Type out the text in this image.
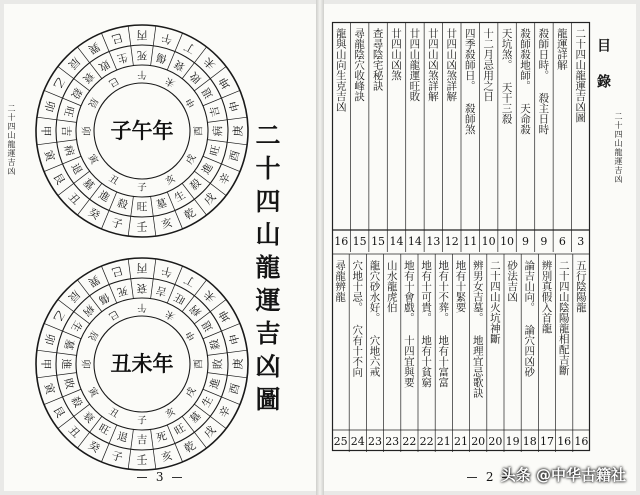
二十四山龍運吉凶
壬
子
癸
丑
艮
寅
甲
卯
乙
辰
巽
巳 丙 午
丁
未
坤
申
庚
酉
辛
戌
乾
亥
旺
殺
進
墓
退
病
吉
旺
殺
衰
敗 生 死 傷 衰
敗
退
吉
病
旺
進
殺
生
墓
子
丑
寅
卯
辰
巳
午
未
申
酉
戌
亥
子午年
壬
子
癸
丑
艮
寅
甲
卯
乙
辰
巽
巳 丙 午
丁
未
坤
申
庚
酉
辛
戌
乾
亥
吉
退
旺
衰
殺
敗
進
墓
生
病
傷 死 衰 吉 旺
病
退
殺
敗
進
生
墓
旺
死
子
丑
寅
卯
辰
巳
午
未
申
酉
戌
亥
丑未年	二十四山龍運吉凶圖
3
二十四山龍運吉凶
目錄
二十四山龍運吉凶圖
3
龍運詳解
6
殺師日時。 殺主日時
9
殺師殺地師。 天命殺
9
天坑煞。 天干三殺
10
十二月忌用之日
10
四季殺師日。 殺師煞
11
廿四山凶煞詳解
12
廿四山凶煞詳解
13
廿四山龍運旺敗
14
廿四山凶煞
14
查尋陰宅秘訣
15
尋龍陰穴收峰訣
15
龍與山向生克吉凶
16
五行陰陽龍
16
二十四山陰陽龍相配吉斷
16
辨別真假入首龍
17
論吉山向。 論穴四凶砂
18
砂法吉凶
19
二十四山火坑神斷
20
辨男女吉墓。 地理宜忌歌訣
20
地有十緊要
21
地有十不葬。 地有十富富
21
地有十可貴。 地有十貧窮
22
地有十會戲。 十四宜與要
22
山水龍虎伯
23
龍穴砂水好。 穴地六戒
23
穴地十忌。 穴有十不向
24
尋龍辨龍
25
2 头条 @中华古籍社
